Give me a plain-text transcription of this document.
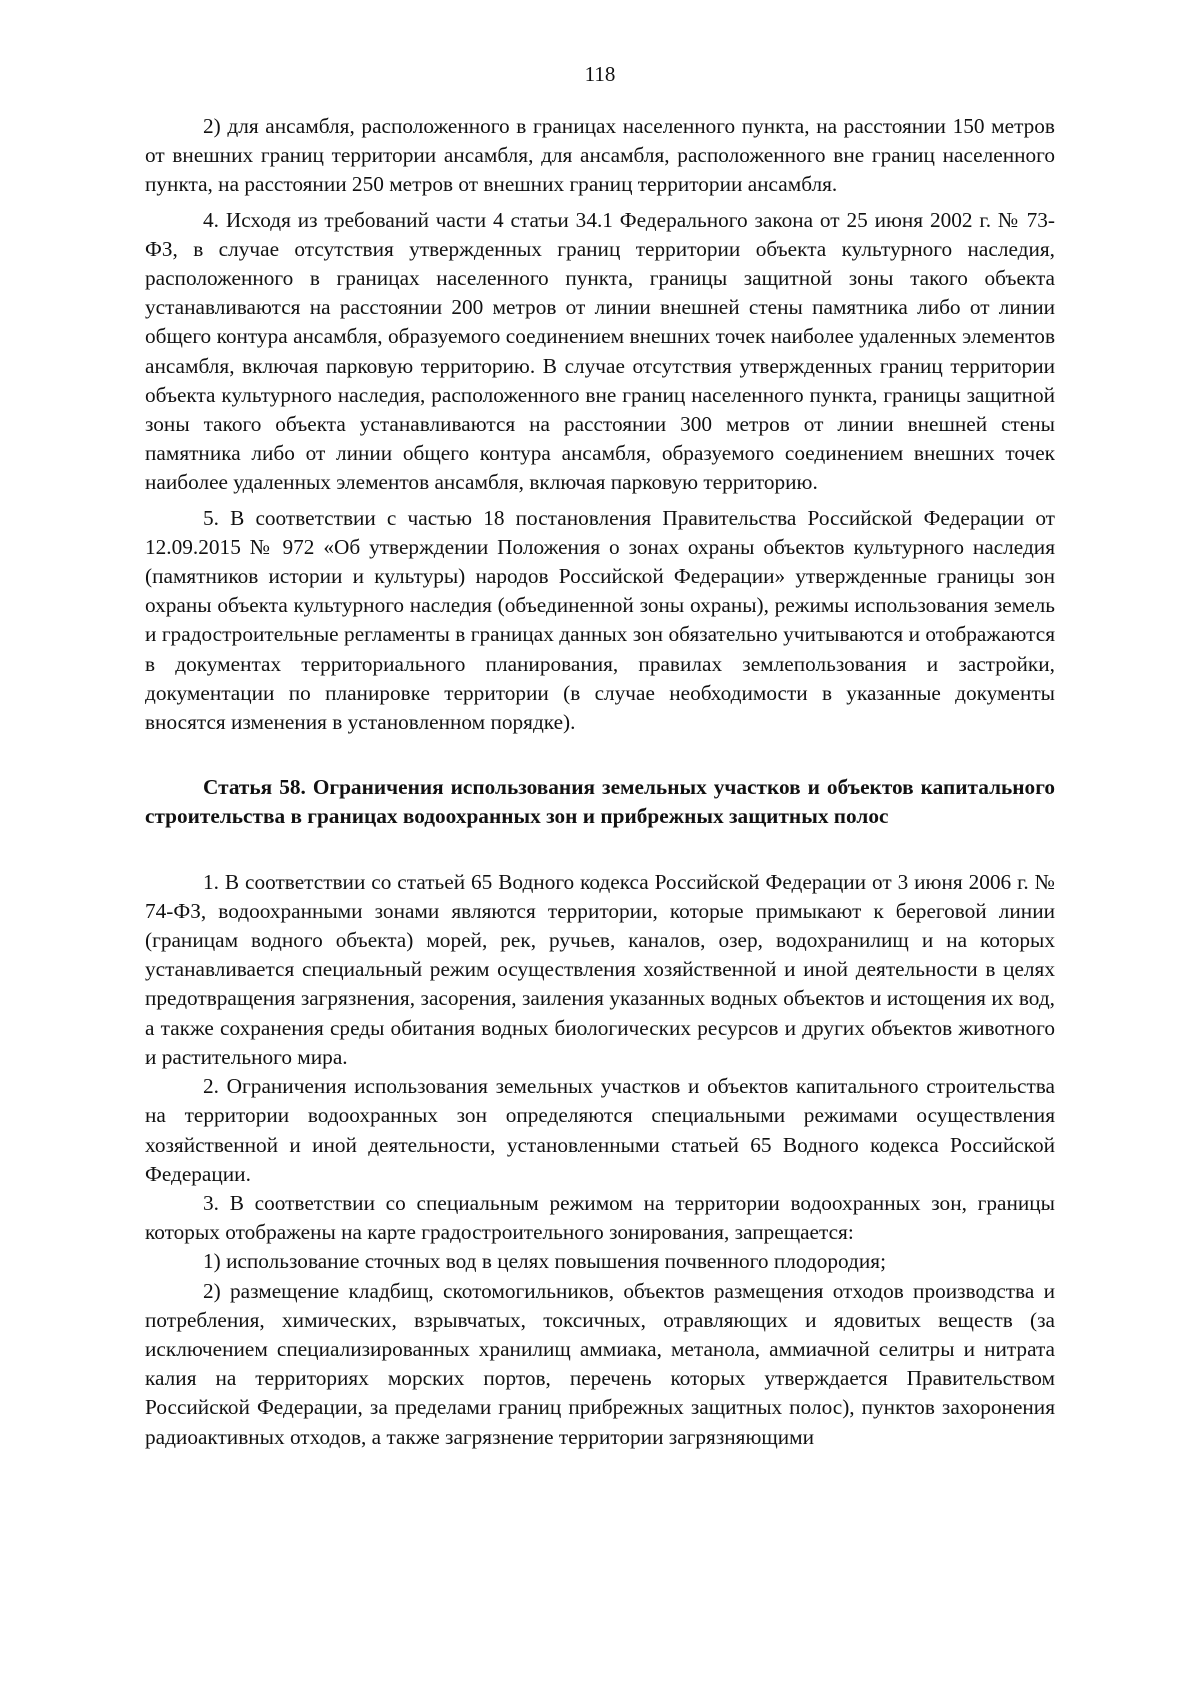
118

2) для ансамбля, расположенного в границах населенного пункта, на расстоянии 150 метров от внешних границ территории ансамбля, для ансамбля, расположенного вне границ населенного пункта, на расстоянии 250 метров от внешних границ территории ансамбля.

4. Исходя из требований части 4 статьи 34.1 Федерального закона от 25 июня 2002 г. № 73-ФЗ, в случае отсутствия утвержденных границ территории объекта культурного наследия, расположенного в границах населенного пункта, границы защитной зоны такого объекта устанавливаются на расстоянии 200 метров от линии внешней стены памятника либо от линии общего контура ансамбля, образуемого соединением внешних точек наиболее удаленных элементов ансамбля, включая парковую территорию. В случае отсутствия утвержденных границ территории объекта культурного наследия, расположенного вне границ населенного пункта, границы защитной зоны такого объекта устанавливаются на расстоянии 300 метров от линии внешней стены памятника либо от линии общего контура ансамбля, образуемого соединением внешних точек наиболее удаленных элементов ансамбля, включая парковую территорию.

5. В соответствии с частью 18 постановления Правительства Российской Федерации от 12.09.2015 № 972 «Об утверждении Положения о зонах охраны объектов культурного наследия (памятников истории и культуры) народов Российской Федерации» утвержденные границы зон охраны объекта культурного наследия (объединенной зоны охраны), режимы использования земель и градостроительные регламенты в границах данных зон обязательно учитываются и отображаются в документах территориального планирования, правилах землепользования и застройки, документации по планировке территории (в случае необходимости в указанные документы вносятся изменения в установленном порядке).

Статья 58. Ограничения использования земельных участков и объектов капитального строительства в границах водоохранных зон и прибрежных защитных полос

1. В соответствии со статьей 65 Водного кодекса Российской Федерации от 3 июня 2006 г. № 74-ФЗ, водоохранными зонами являются территории, которые примыкают к береговой линии (границам водного объекта) морей, рек, ручьев, каналов, озер, водохранилищ и на которых устанавливается специальный режим осуществления хозяйственной и иной деятельности в целях предотвращения загрязнения, засорения, заиления указанных водных объектов и истощения их вод, а также сохранения среды обитания водных биологических ресурсов и других объектов животного и растительного мира.

2. Ограничения использования земельных участков и объектов капитального строительства на территории водоохранных зон определяются специальными режимами осуществления хозяйственной и иной деятельности, установленными статьей 65 Водного кодекса Российской Федерации.

3. В соответствии со специальным режимом на территории водоохранных зон, границы которых отображены на карте градостроительного зонирования, запрещается:

1) использование сточных вод в целях повышения почвенного плодородия;

2) размещение кладбищ, скотомогильников, объектов размещения отходов производства и потребления, химических, взрывчатых, токсичных, отравляющих и ядовитых веществ (за исключением специализированных хранилищ аммиака, метанола, аммиачной селитры и нитрата калия на территориях морских портов, перечень которых утверждается Правительством Российской Федерации, за пределами границ прибрежных защитных полос), пунктов захоронения радиоактивных отходов, а также загрязнение территории загрязняющими
